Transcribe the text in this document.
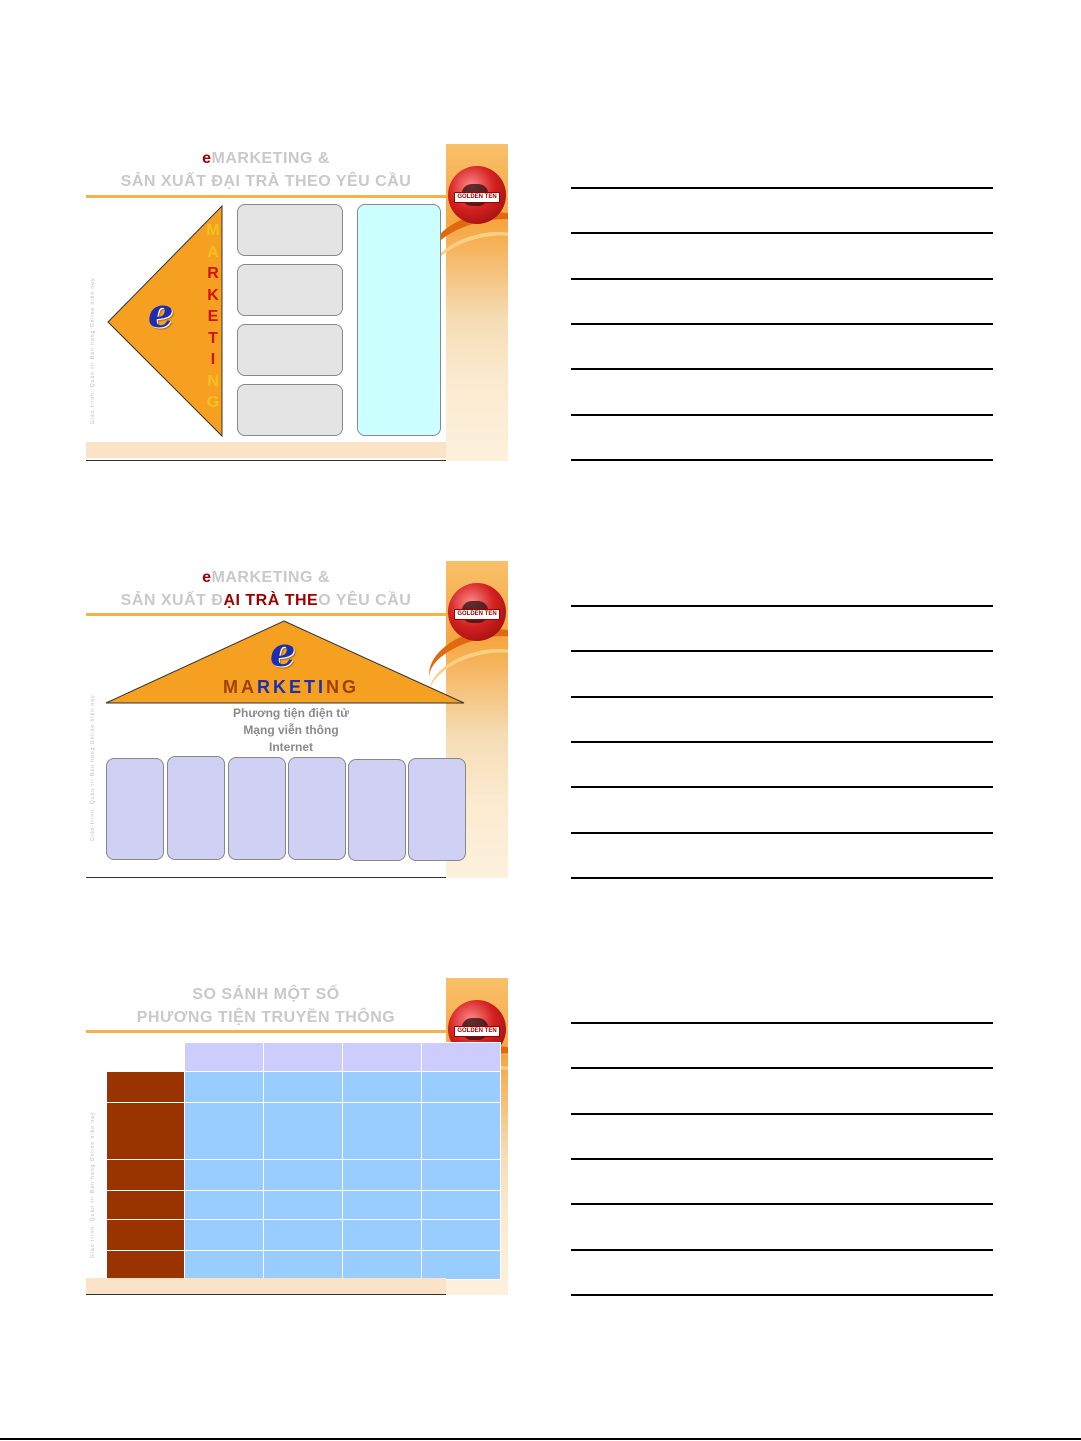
GOLDEN TEN
eMARKETING &
SẢN XUẤT ĐẠI TRÀ THEO YÊU CẦU
Giáo trình: Quản trị Bán hàng Online hiện nay e
M
A
R
K
E
T
I
N
G
GOLDEN TEN
eMARKETING &
SẢN XUẤT ĐẠI TRÀ THEO YÊU CẦU
Giáo trình: Quản trị Bán hàng Online hiện nay
e
MARKETING
Phương tiện điện tử
Mạng viễn thông
Internet
GOLDEN TEN
SO SÁNH MỘT SỐ
PHƯƠNG TIỆN TRUYỀN THÔNG
Giáo trình: Quản trị Bán hàng Online hiện nay
